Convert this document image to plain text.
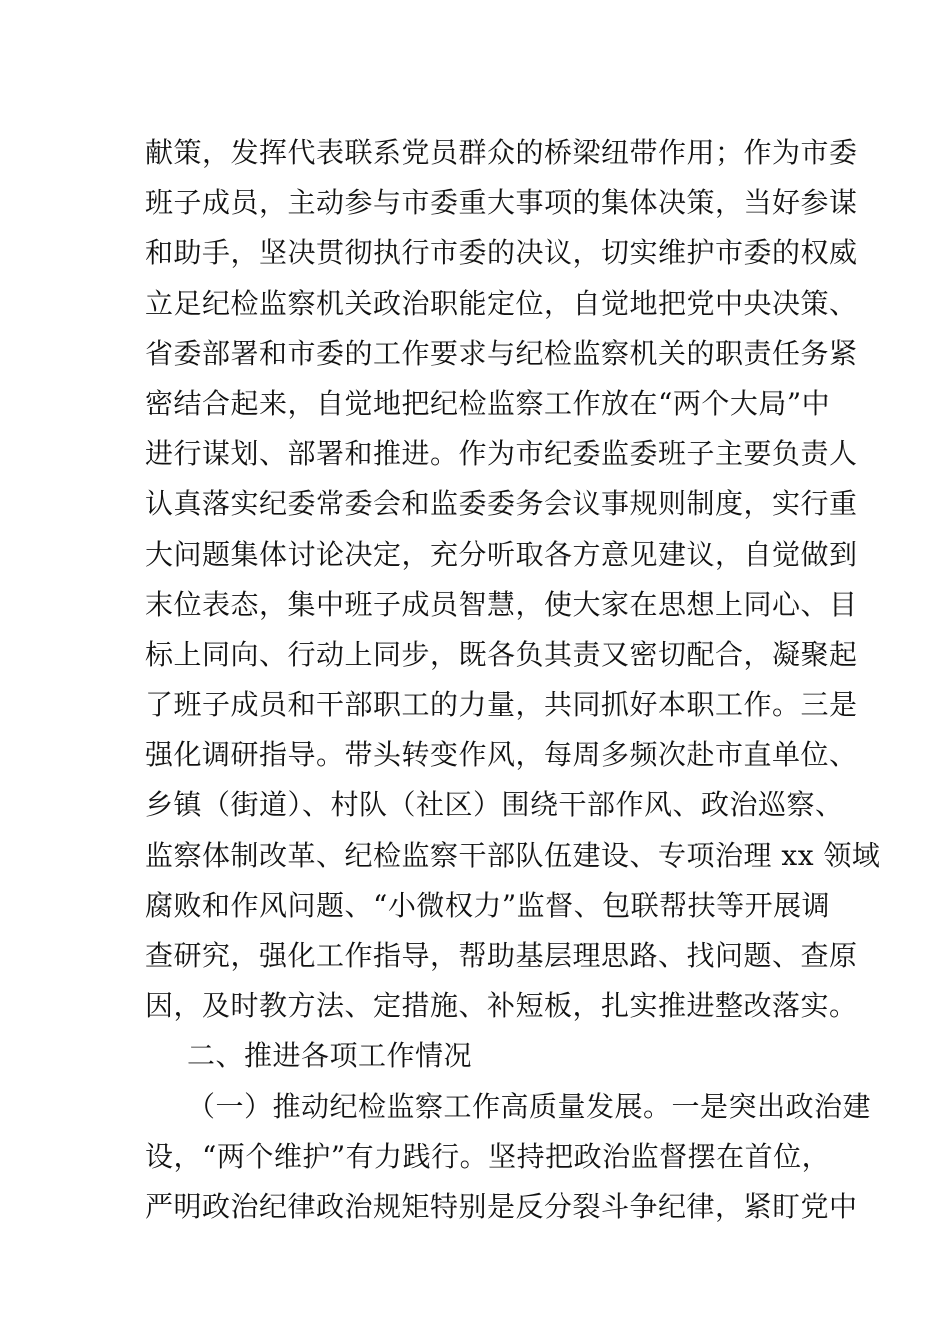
献策，发挥代表联系党员群众的桥梁纽带作用；作为市委
班子成员，主动参与市委重大事项的集体决策，当好参谋
和助手，坚决贯彻执行市委的决议，切实维护市委的权威
立足纪检监察机关政治职能定位，自觉地把党中央决策、
省委部署和市委的工作要求与纪检监察机关的职责任务紧
密结合起来，自觉地把纪检监察工作放在“两个大局”中
进行谋划、部署和推进。作为市纪委监委班子主要负责人
认真落实纪委常委会和监委委务会议事规则制度，实行重
大问题集体讨论决定，充分听取各方意见建议，自觉做到
末位表态，集中班子成员智慧，使大家在思想上同心、目
标上同向、行动上同步，既各负其责又密切配合，凝聚起
了班子成员和干部职工的力量，共同抓好本职工作。三是
强化调研指导。带头转变作风，每周多频次赴市直单位、
乡镇（街道）、村队（社区）围绕干部作风、政治巡察、
监察体制改革、纪检监察干部队伍建设、专项治理 xx 领域
腐败和作风问题、“小微权力”监督、包联帮扶等开展调
查研究，强化工作指导，帮助基层理思路、找问题、查原
因，及时教方法、定措施、补短板，扎实推进整改落实。
二、推进各项工作情况
（一）推动纪检监察工作高质量发展。一是突出政治建
设，“两个维护”有力践行。坚持把政治监督摆在首位，
严明政治纪律政治规矩特别是反分裂斗争纪律，紧盯党中
